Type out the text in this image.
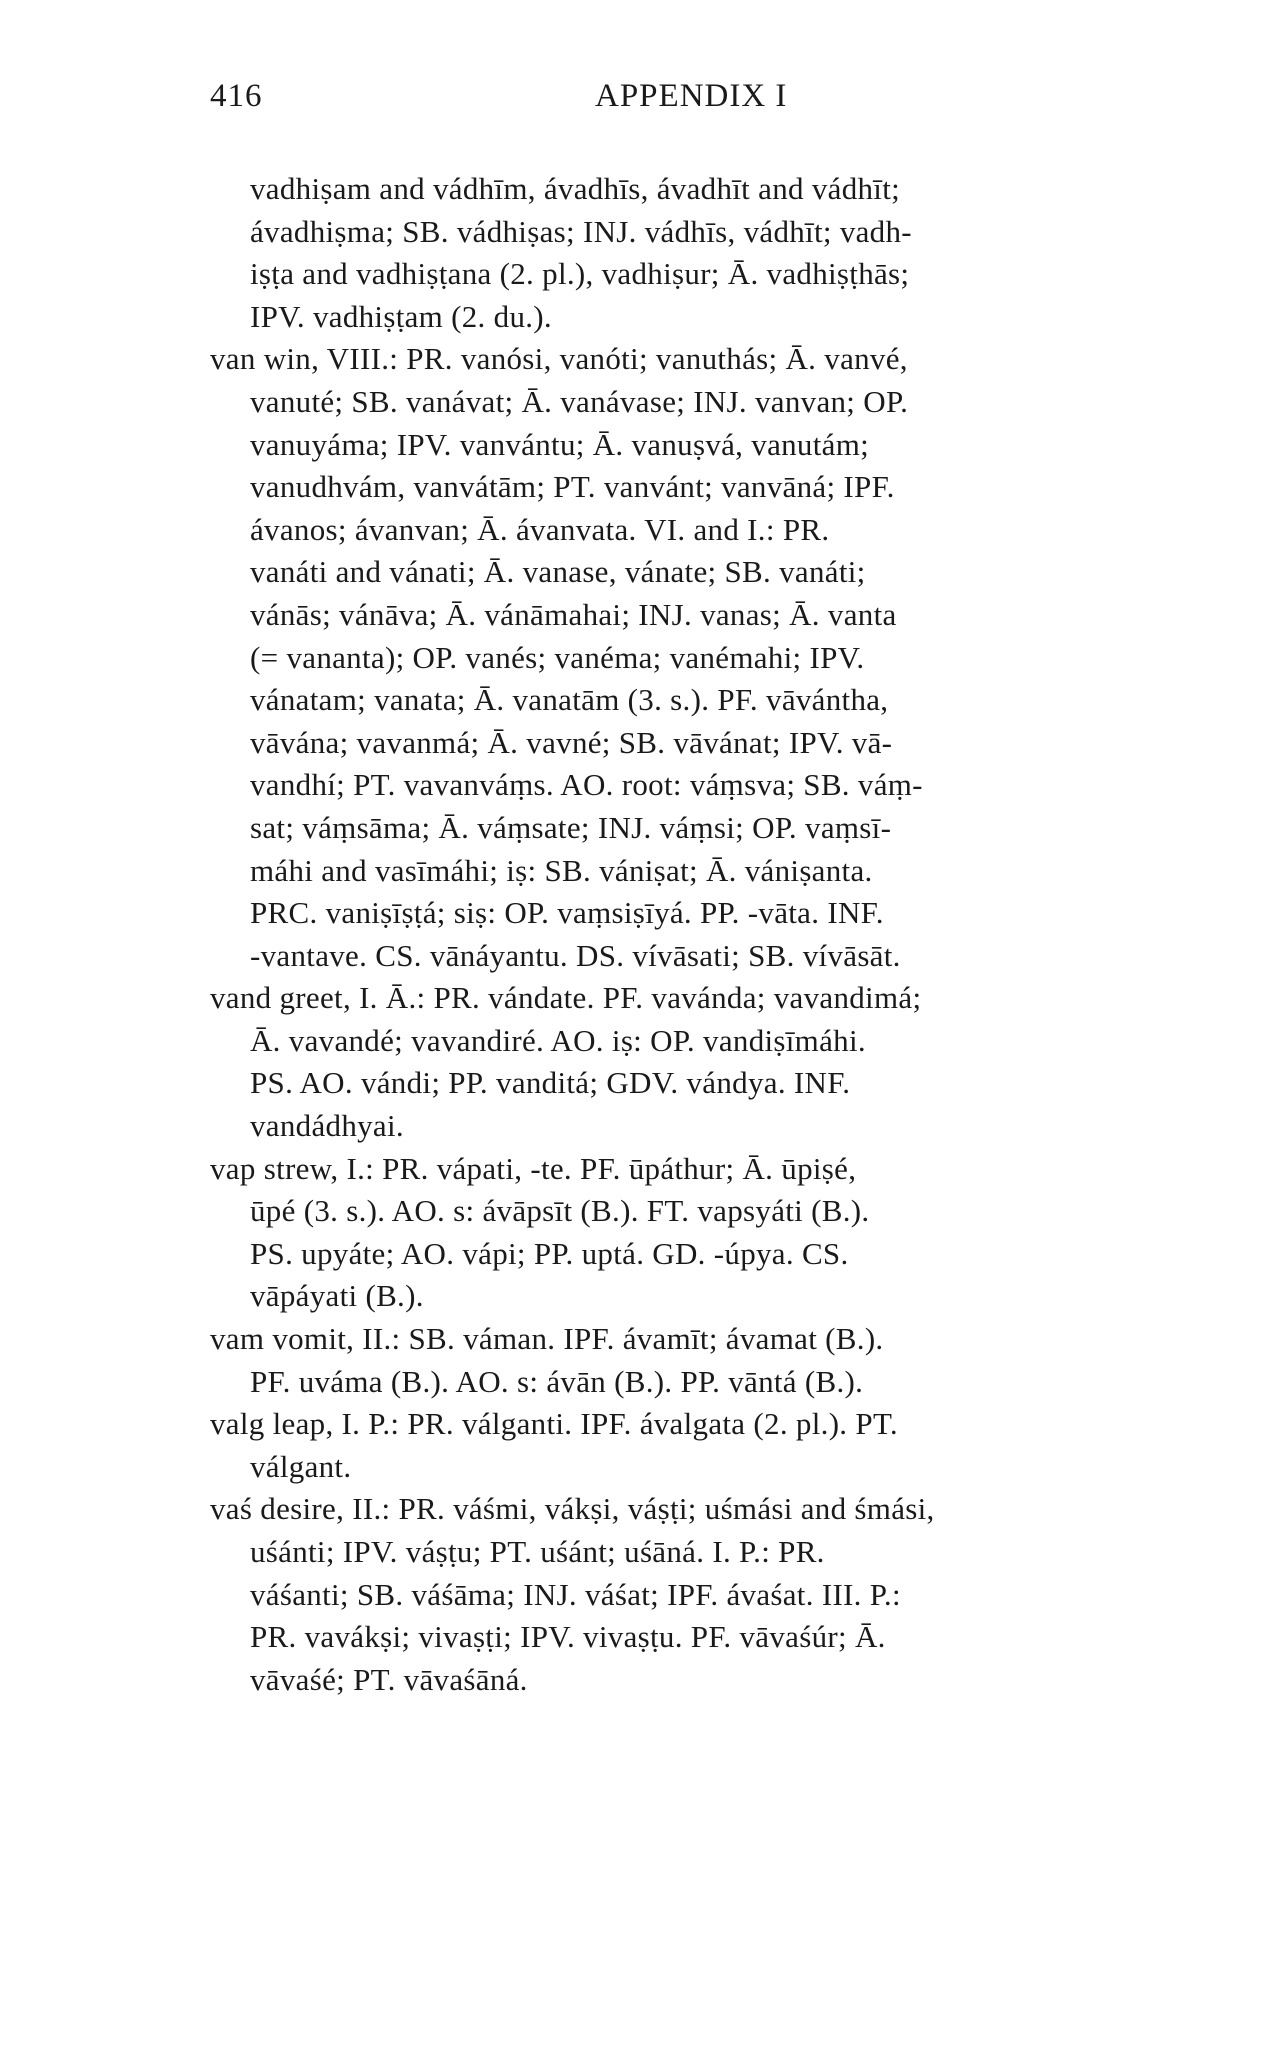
416	APPENDIX I
vadhiṣam and vádhīm, ávadhīs, ávadhīt and vádhīt;
ávadhiṣma; SB. vádhiṣas; INJ. vádhīs, vádhīt; vadh-
iṣṭa and vadhiṣṭana (2. pl.), vadhiṣur; Ā. vadhiṣṭhās;
IPV. vadhiṣṭam (2. du.).
van win, VIII.: PR. vanósi, vanóti; vanuthás; Ā. vanvé,
vanuté; SB. vanávat; Ā. vanávase; INJ. vanvan; OP.
vanuyáma; IPV. vanvántu; Ā. vanuṣvá, vanutám;
vanudhvám, vanvátām; PT. vanvánt; vanvāná; IPF.
ávanos; ávanvan; Ā. ávanvata. VI. and I.: PR.
vanáti and vánati; Ā. vanase, vánate; SB. vanáti;
vánās; vánāva; Ā. vánāmahai; INJ. vanas; Ā. vanta
(= vananta); OP. vanés; vanéma; vanémahi; IPV.
vánatam; vanata; Ā. vanatām (3. s.). PF. vāvántha,
vāvána; vavanmá; Ā. vavné; SB. vāvánat; IPV. vā-
vandhí; PT. vavanváṃs. AO. root: váṃsva; SB. váṃ-
sat; váṃsāma; Ā. váṃsate; INJ. váṃsi; OP. vaṃsī-
máhi and vasīmáhi; iṣ: SB. vániṣat; Ā. vániṣanta.
PRC. vaniṣīṣṭá; siṣ: OP. vaṃsiṣīyá. PP. -vāta. INF.
-vantave. CS. vānáyantu. DS. vívāsati; SB. vívāsāt.
vand greet, I. Ā.: PR. vándate. PF. vavánda; vavandimá;
Ā. vavandé; vavandiré. AO. iṣ: OP. vandiṣīmáhi.
PS. AO. vándi; PP. vanditá; GDV. vándya. INF.
vandádhyai.
vap strew, I.: PR. vápati, -te. PF. ūpáthur; Ā. ūpiṣé,
ūpé (3. s.). AO. s: ávāpsīt (B.). FT. vapsyáti (B.).
PS. upyáte; AO. vápi; PP. uptá. GD. -úpya. CS.
vāpáyati (B.).
vam vomit, II.: SB. váman. IPF. ávamīt; ávamat (B.).
PF. uváma (B.). AO. s: ávān (B.). PP. vāntá (B.).
valg leap, I. P.: PR. válganti. IPF. ávalgata (2. pl.). PT.
válgant.
vaś desire, II.: PR. váśmi, vákṣi, váṣṭi; uśmási and śmási,
uśánti; IPV. váṣṭu; PT. uśánt; uśāná. I. P.: PR.
váśanti; SB. váśāma; INJ. váśat; IPF. ávaśat. III. P.:
PR. vavákṣi; vivaṣṭi; IPV. vivaṣṭu. PF. vāvaśúr; Ā.
vāvaśé; PT. vāvaśāná.
